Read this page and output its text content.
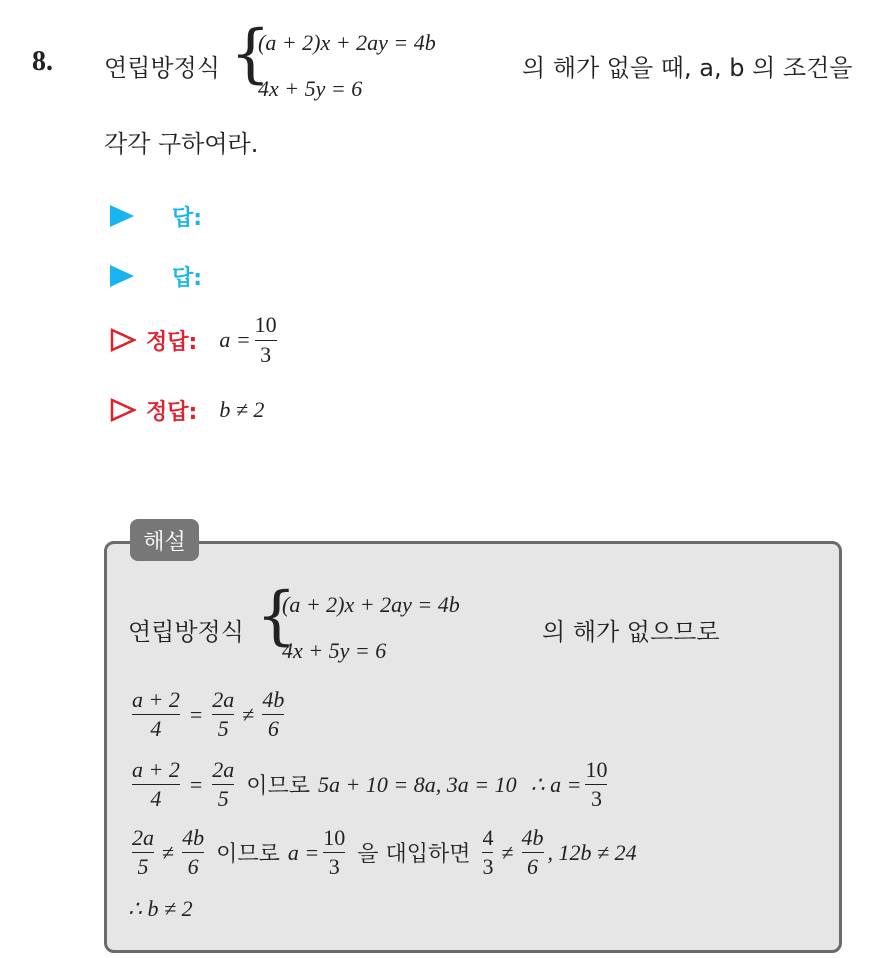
8. 연립방정식 {
(a + 2)x + 2ay = 4b
4x + 5y = 6
의 해가 없을 때, a, b 의 조건을
각각 구하여라.
답:
답:
정답: $a = \frac{10}{3}$
정답: b ≠ 2
해설
연립방정식 {
(a + 2)x + 2ay = 4b
4x + 5y = 6
의 해가 없으므로
$\frac{a + 2}{4} = \frac{2a}{5} \ne \frac{4b}{6}$
$\frac{a + 2}{4} = \frac{2a}{5}$ 이므로 5a + 10 = 8a, 3a = 10 ∴ $a = \frac{10}{3}$
$\frac{2a}{5} \ne \frac{4b}{6}$ 이므로 $a = \frac{10}{3}$ 을 대입하면 $\frac{4}{3} \ne \frac{4b}{6}$ , 12b ≠ 24
∴ b ≠ 2
